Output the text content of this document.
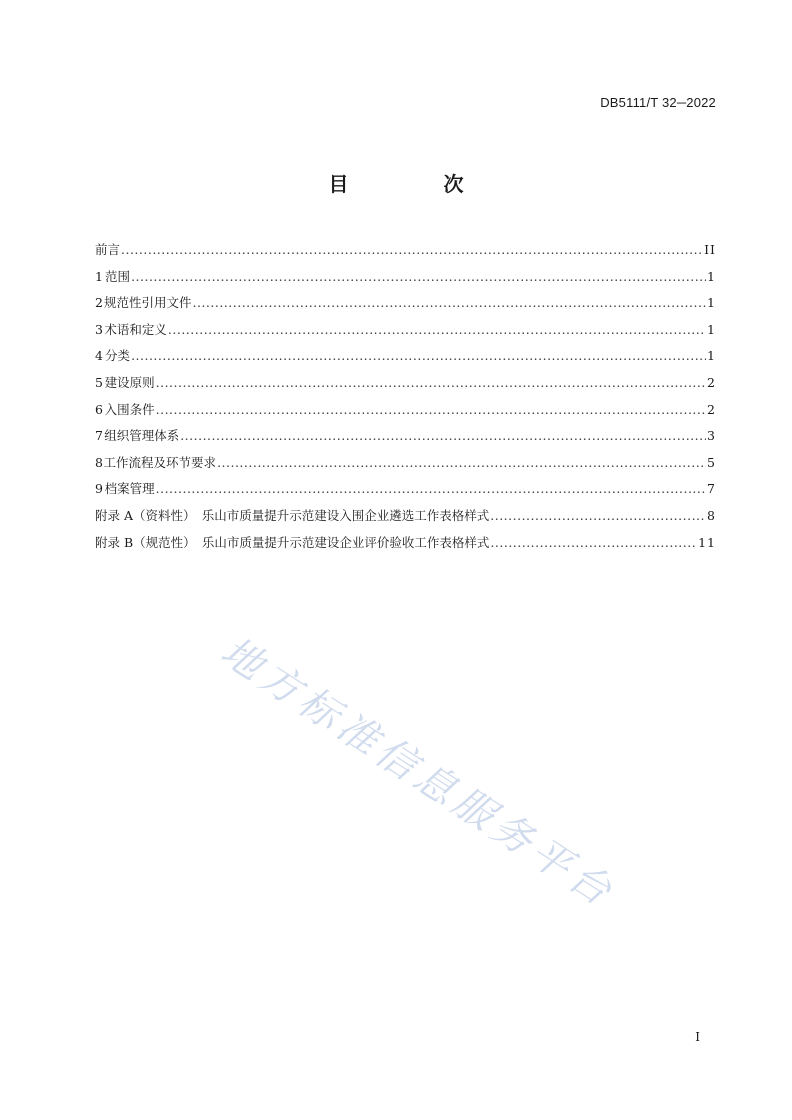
DB5111/T 32─2022
目 次
前言 .....	II
1 范围 .....	1
2 规范性引用文件 .....	1
3 术语和定义 .....	1
4 分类 .....	1
5 建设原则 .....	2
6 入围条件 .....	2
7 组织管理体系 .....	3
8 工作流程及环节要求 .....	5
9 档案管理 .....	7
附录 A（资料性）　乐山市质量提升示范建设入围企业遴选工作表格样式 .....	8
附录 B（规范性）　乐山市质量提升示范建设企业评价验收工作表格样式 .....	11
地方标准信息服务平台
I
